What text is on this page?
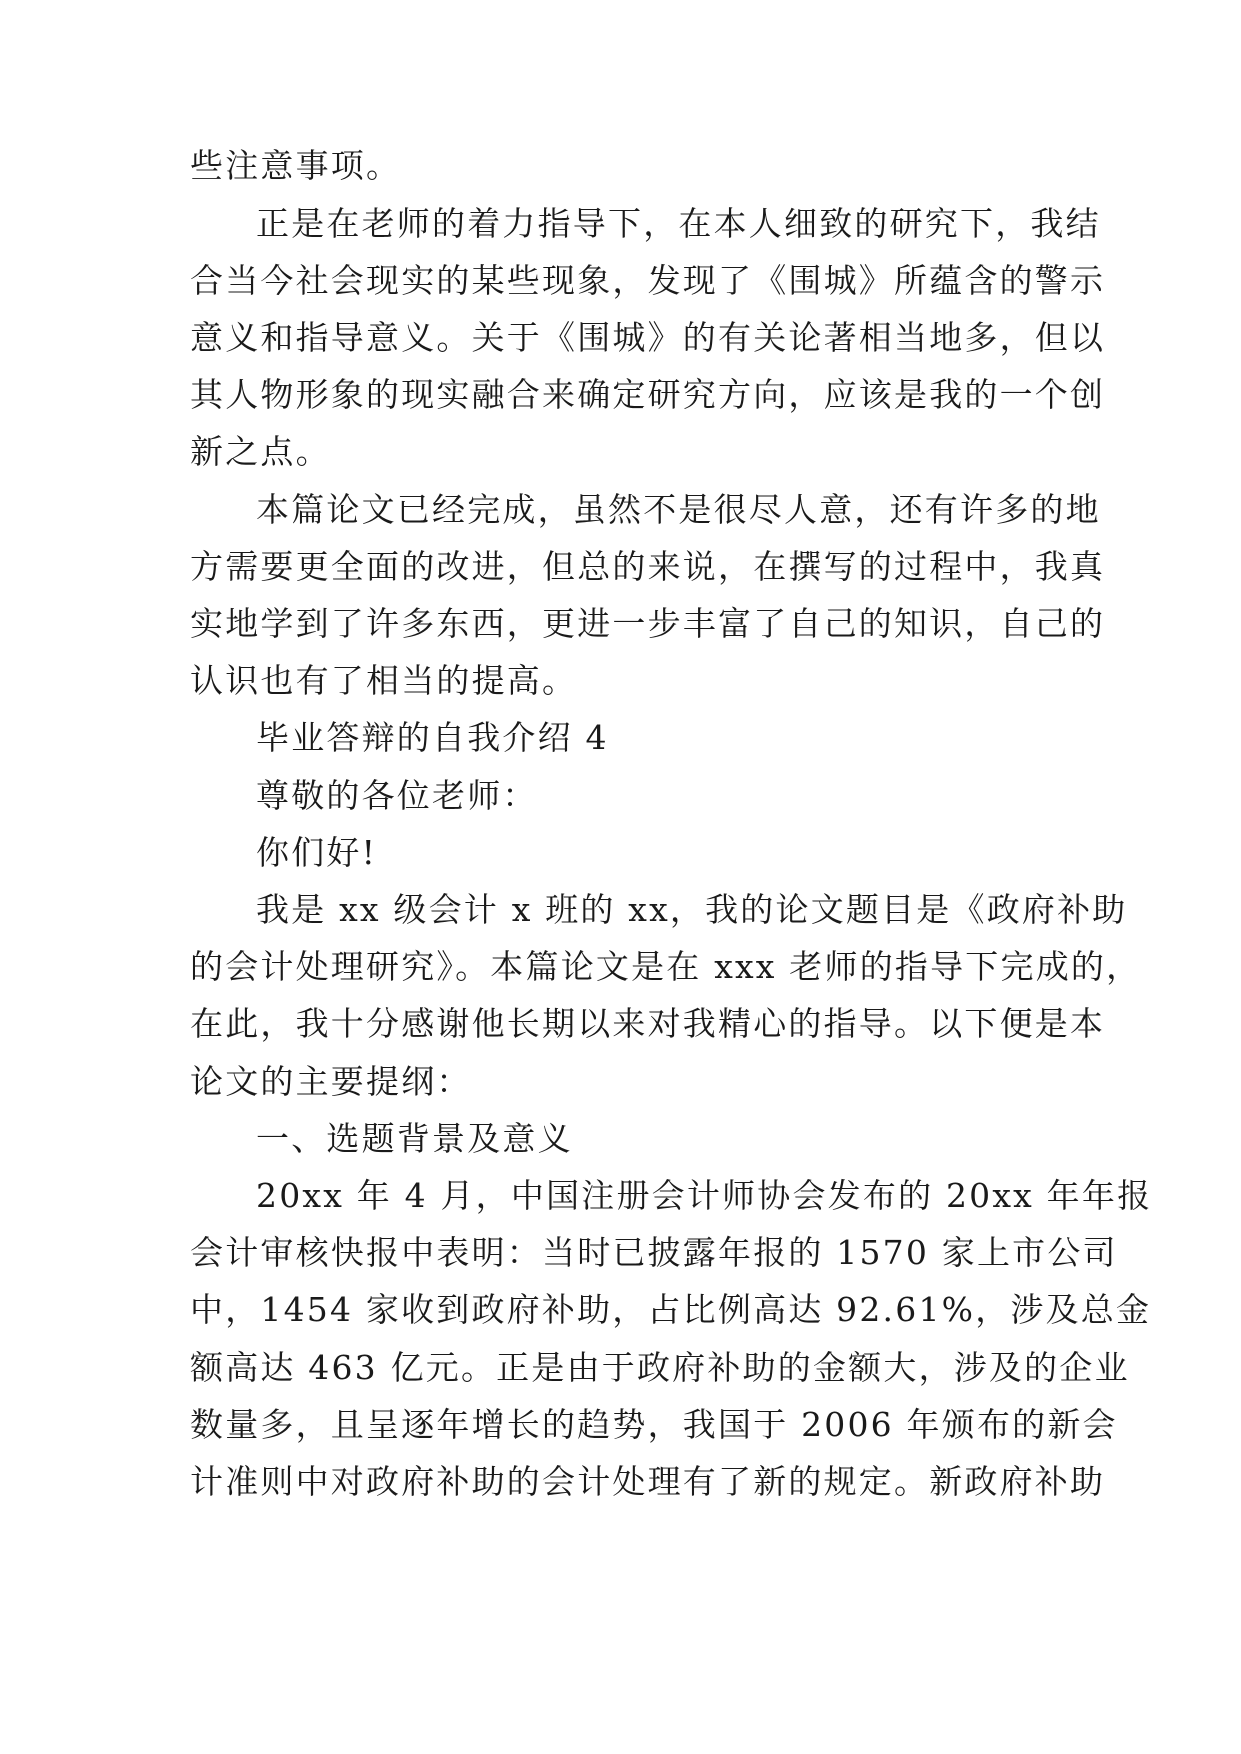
些注意事项。

正是在老师的着力指导下，在本人细致的研究下，我结

合当今社会现实的某些现象，发现了《围城》所蕴含的警示

意义和指导意义。关于《围城》的有关论著相当地多，但以

其人物形象的现实融合来确定研究方向，应该是我的一个创

新之点。

本篇论文已经完成，虽然不是很尽人意，还有许多的地

方需要更全面的改进，但总的来说，在撰写的过程中，我真

实地学到了许多东西，更进一步丰富了自己的知识，自己的

认识也有了相当的提高。

毕业答辩的自我介绍 4

尊敬的各位老师：

你们好!

我是 xx 级会计 x 班的 xx，我的论文题目是《政府补助

的会计处理研究》。本篇论文是在 xxx 老师的指导下完成的，

在此，我十分感谢他长期以来对我精心的指导。以下便是本

论文的主要提纲：

一、选题背景及意义

20xx 年 4 月，中国注册会计师协会发布的 20xx 年年报

会计审核快报中表明：当时已披露年报的 1570 家上市公司

中，1454 家收到政府补助，占比例高达 92.61%，涉及总金

额高达 463 亿元。正是由于政府补助的金额大，涉及的企业

数量多，且呈逐年增长的趋势，我国于 2006 年颁布的新会

计准则中对政府补助的会计处理有了新的规定。新政府补助
